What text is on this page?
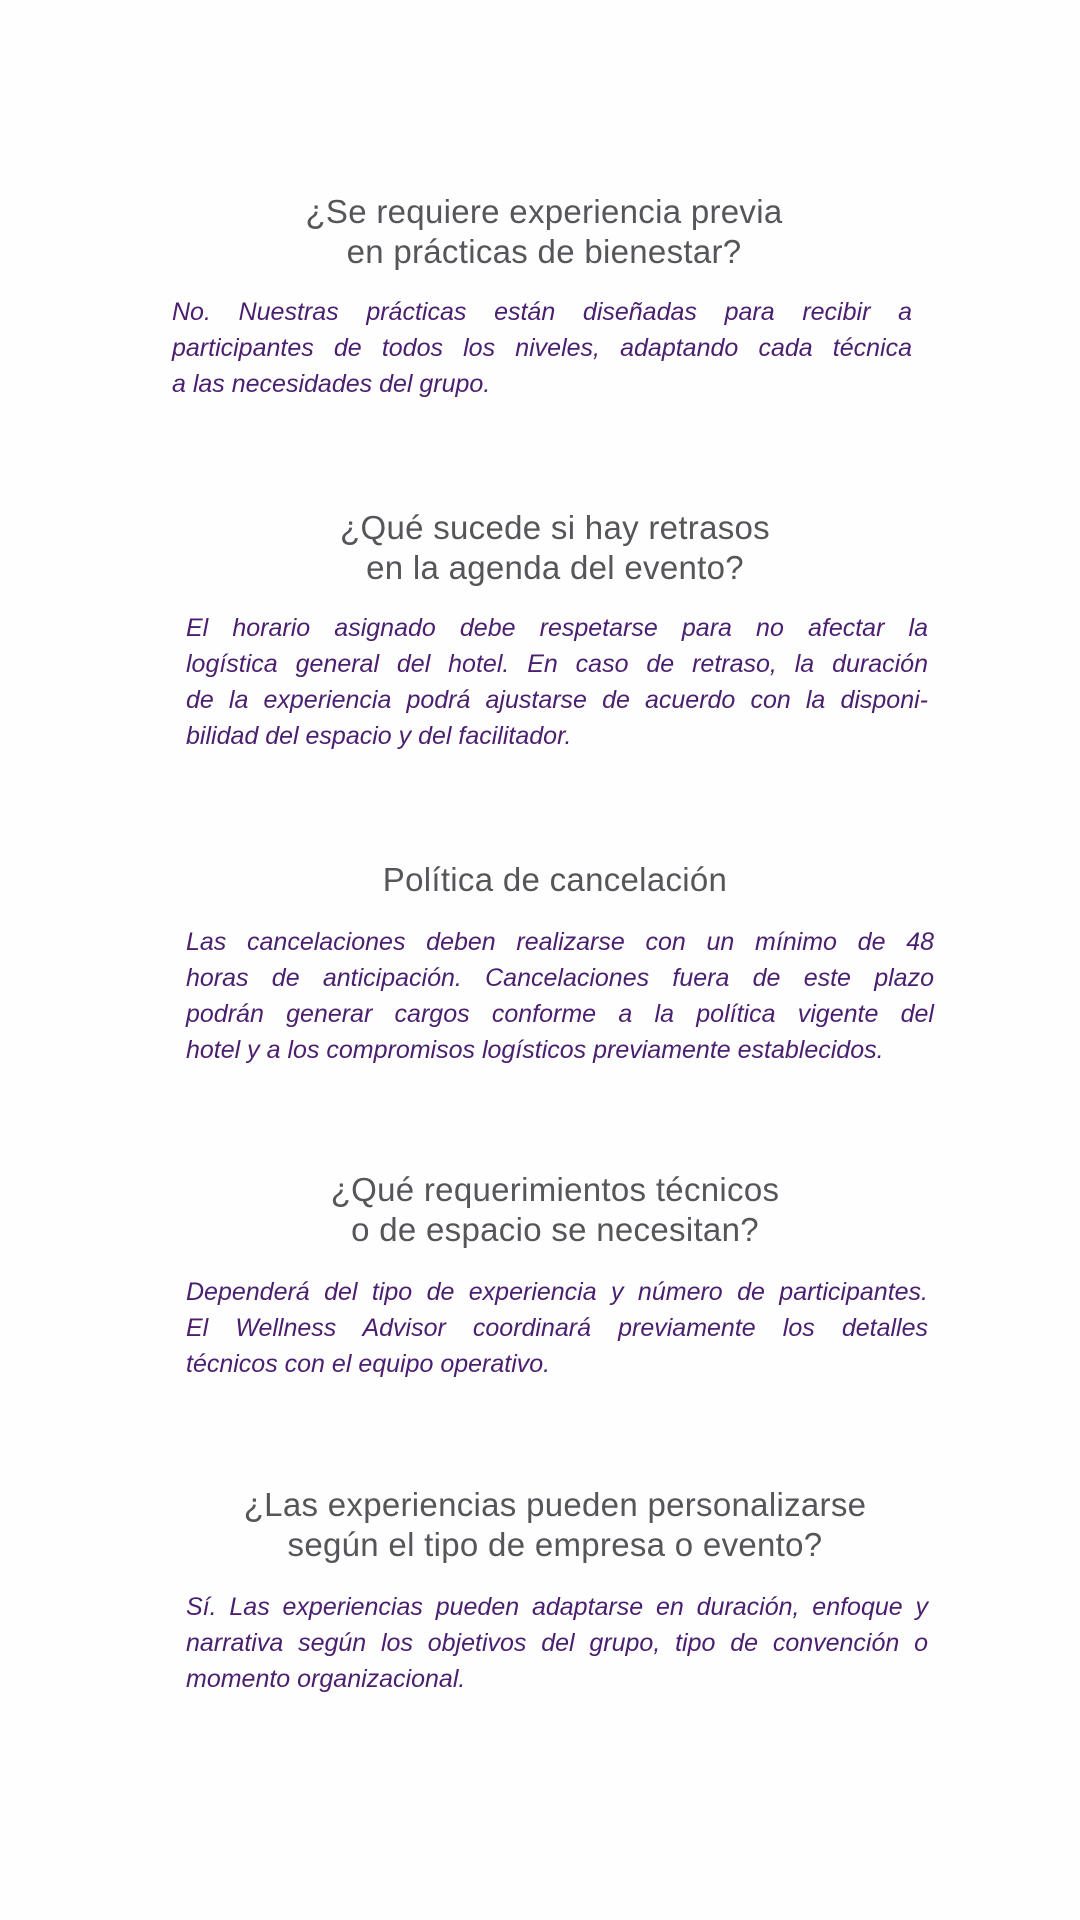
¿Se requiere experiencia previa
en prácticas de bienestar?
No. Nuestras prácticas están diseñadas para recibir a
participantes de todos los niveles, adaptando cada técnica
a las necesidades del grupo.
¿Qué sucede si hay retrasos
en la agenda del evento?
El horario asignado debe respetarse para no afectar la
logística general del hotel. En caso de retraso, la duración
de la experiencia podrá ajustarse de acuerdo con la disponi-
bilidad del espacio y del facilitador.
Política de cancelación
Las cancelaciones deben realizarse con un mínimo de 48
horas de anticipación. Cancelaciones fuera de este plazo
podrán generar cargos conforme a la política vigente del
hotel y a los compromisos logísticos previamente establecidos.
¿Qué requerimientos técnicos
o de espacio se necesitan?
Dependerá del tipo de experiencia y número de participantes.
El Wellness Advisor coordinará previamente los detalles
técnicos con el equipo operativo.
¿Las experiencias pueden personalizarse
según el tipo de empresa o evento?
Sí. Las experiencias pueden adaptarse en duración, enfoque y
narrativa según los objetivos del grupo, tipo de convención o
momento organizacional.
